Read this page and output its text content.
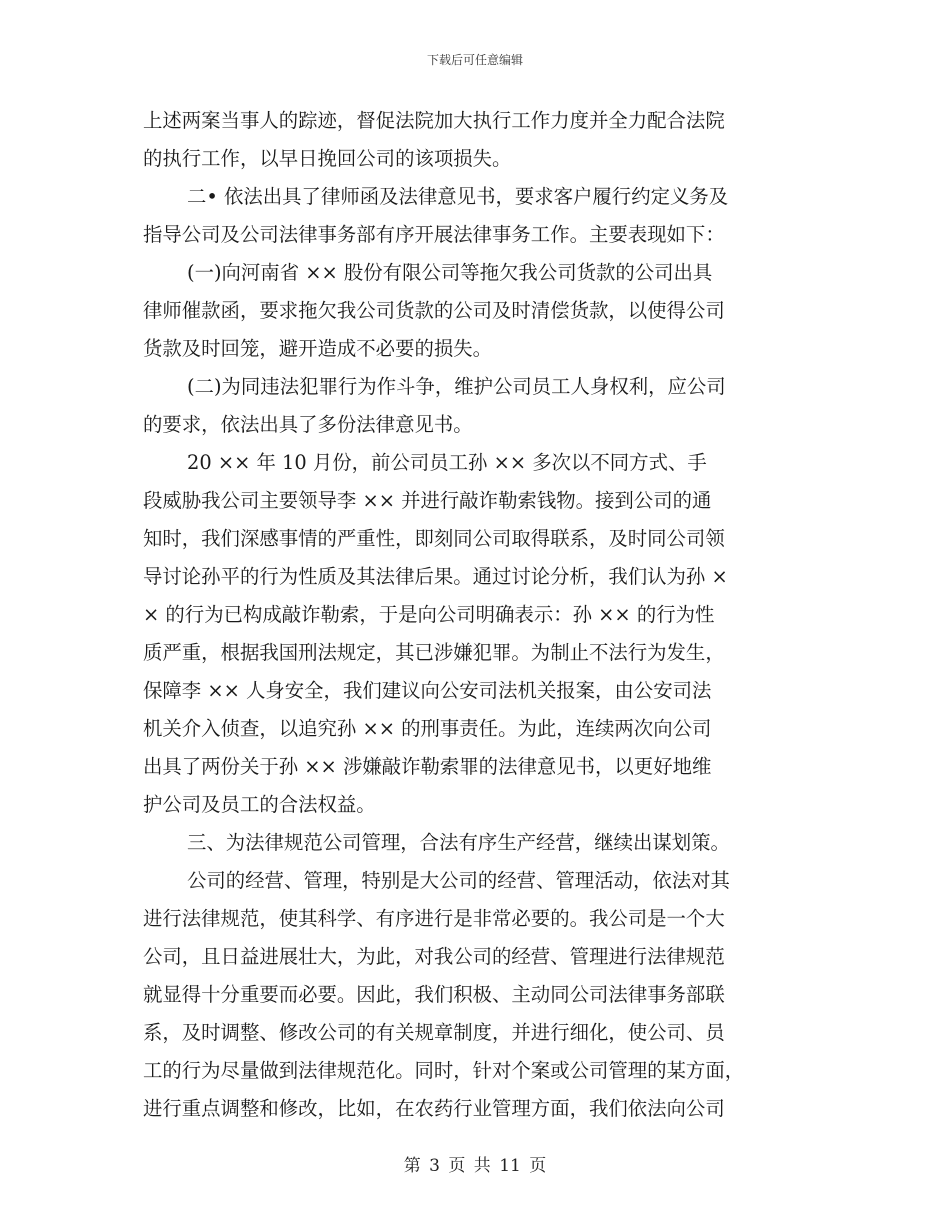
下载后可任意编辑
上述两案当事人的踪迹，督促法院加大执行工作力度并全力配合法院
的执行工作，以早日挽回公司的该项损失。
二• 依法出具了律师函及法律意见书，要求客户履行约定义务及
指导公司及公司法律事务部有序开展法律事务工作。主要表现如下：
(一)向河南省 ×× 股份有限公司等拖欠我公司货款的公司出具
律师催款函，要求拖欠我公司货款的公司及时清偿货款，以使得公司
货款及时回笼，避开造成不必要的损失。
(二)为同违法犯罪行为作斗争，维护公司员工人身权利，应公司
的要求，依法出具了多份法律意见书。
20 ×× 年 10 月份，前公司员工孙 ×× 多次以不同方式、手
段威胁我公司主要领导李 ×× 并进行敲诈勒索钱物。接到公司的通
知时，我们深感事情的严重性，即刻同公司取得联系，及时同公司领
导讨论孙平的行为性质及其法律后果。通过讨论分析，我们认为孙 ×
× 的行为已构成敲诈勒索，于是向公司明确表示：孙 ×× 的行为性
质严重，根据我国刑法规定，其已涉嫌犯罪。为制止不法行为发生，
保障李 ×× 人身安全，我们建议向公安司法机关报案，由公安司法
机关介入侦查，以追究孙 ×× 的刑事责任。为此，连续两次向公司
出具了两份关于孙 ×× 涉嫌敲诈勒索罪的法律意见书，以更好地维
护公司及员工的合法权益。
三、为法律规范公司管理，合法有序生产经营，继续出谋划策。
公司的经营、管理，特别是大公司的经营、管理活动，依法对其
进行法律规范，使其科学、有序进行是非常必要的。我公司是一个大
公司，且日益进展壮大，为此，对我公司的经营、管理进行法律规范
就显得十分重要而必要。因此，我们积极、主动同公司法律事务部联
系，及时调整、修改公司的有关规章制度，并进行细化，使公司、员
工的行为尽量做到法律规范化。同时，针对个案或公司管理的某方面，
进行重点调整和修改，比如，在农药行业管理方面，我们依法向公司
第 3 页 共 11 页
